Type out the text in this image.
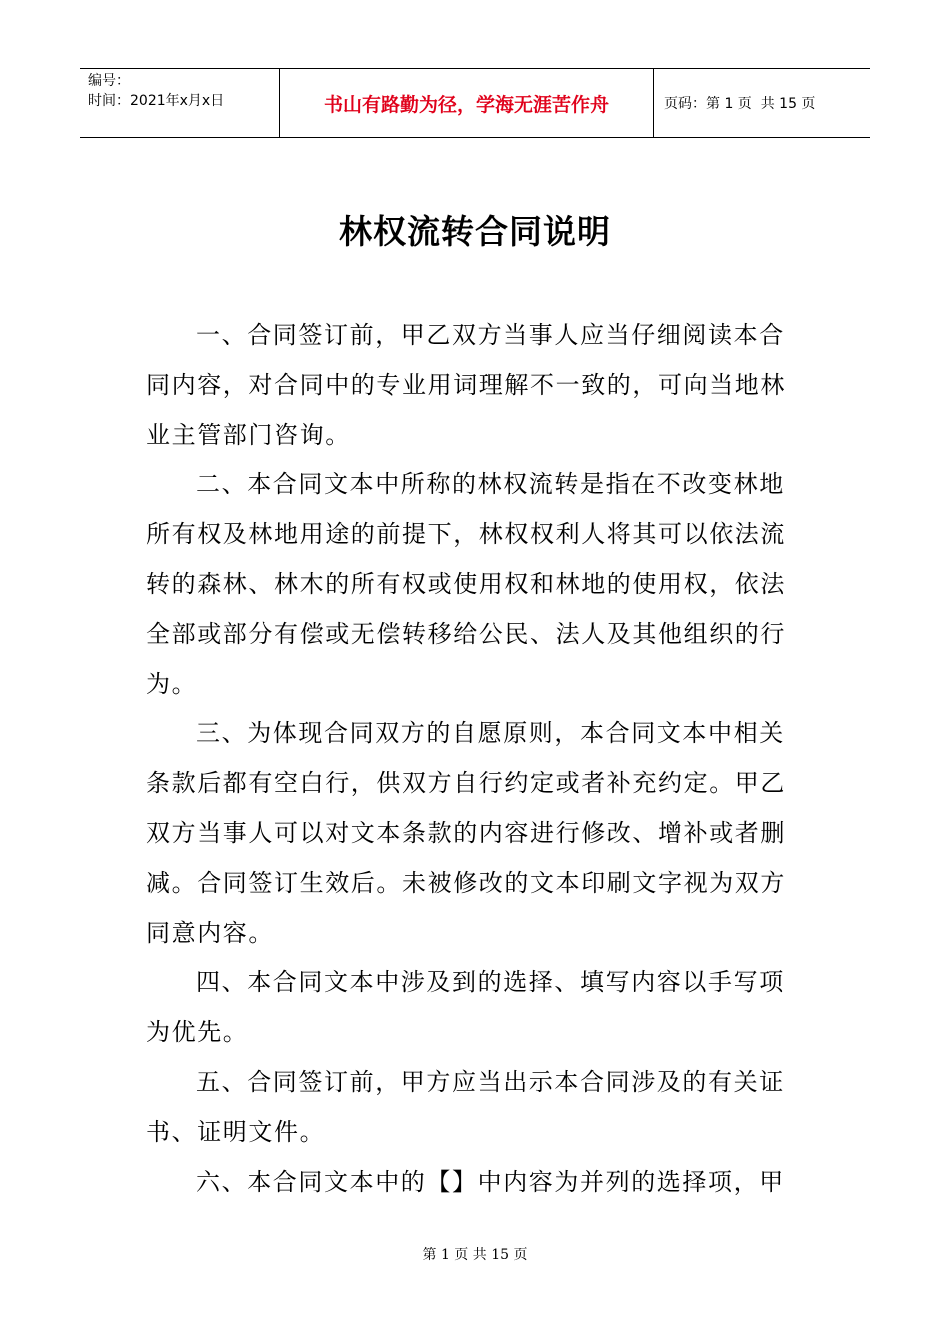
编号：
时间：2021年x月x日	书山有路勤为径，学海无涯苦作舟	页码：第 1 页  共 15 页
林权流转合同说明

一、合同签订前，甲乙双方当事人应当仔细阅读本合同内容，对合同中的专业用词理解不一致的，可向当地林业主管部门咨询。

二、本合同文本中所称的林权流转是指在不改变林地所有权及林地用途的前提下，林权权利人将其可以依法流转的森林、林木的所有权或使用权和林地的使用权，依法全部或部分有偿或无偿转移给公民、法人及其他组织的行为。

三、为体现合同双方的自愿原则，本合同文本中相关条款后都有空白行，供双方自行约定或者补充约定。甲乙双方当事人可以对文本条款的内容进行修改、增补或者删减。合同签订生效后。未被修改的文本印刷文字视为双方同意内容。

四、本合同文本中涉及到的选择、填写内容以手写项为优先。

五、合同签订前，甲方应当出示本合同涉及的有关证书、证明文件。

六、本合同文本中的【】中内容为并列的选择项，甲

第 1 页 共 15 页
